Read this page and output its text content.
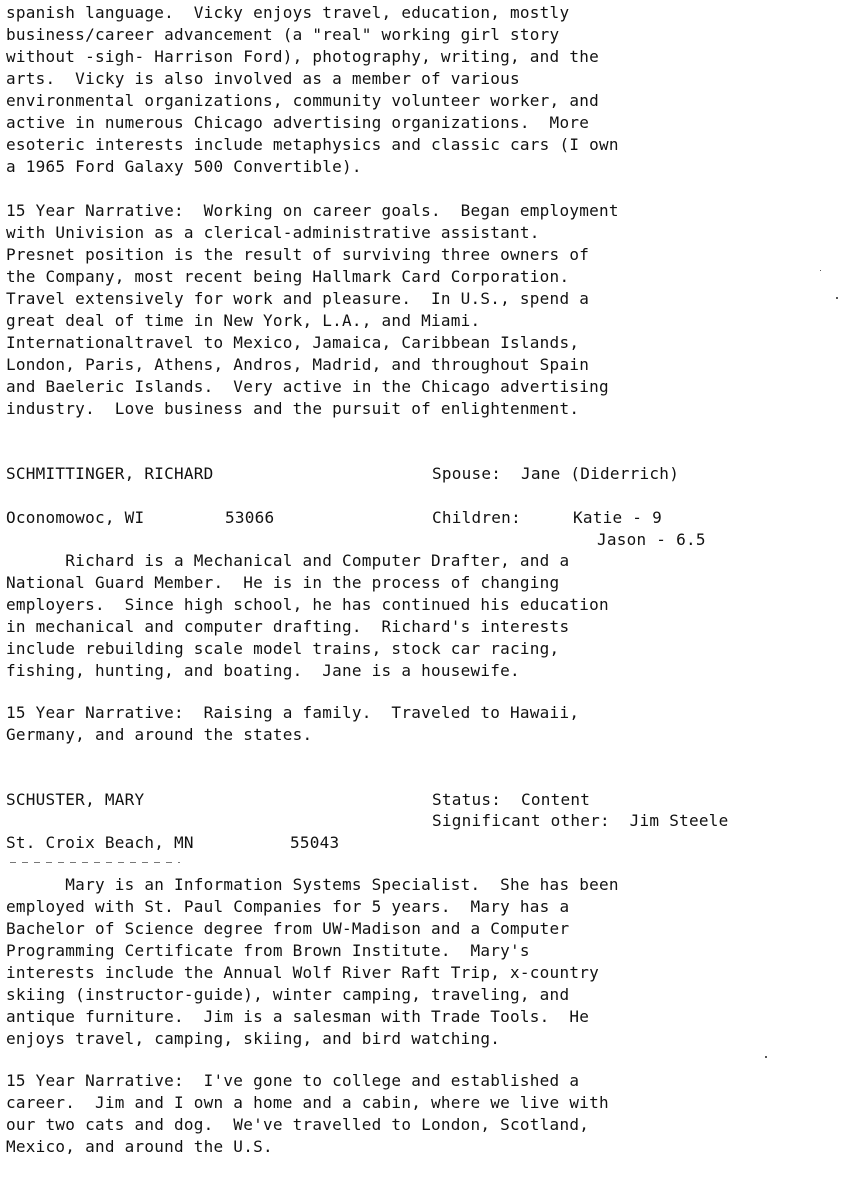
spanish language.  Vicky enjoys travel, education, mostly
business/career advancement (a "real" working girl story
without -sigh- Harrison Ford), photography, writing, and the
arts.  Vicky is also involved as a member of various
environmental organizations, community volunteer worker, and
active in numerous Chicago advertising organizations.  More
esoteric interests include metaphysics and classic cars (I own
a 1965 Ford Galaxy 500 Convertible).
15 Year Narrative:  Working on career goals.  Began employment
with Univision as a clerical-administrative assistant.
Presnet position is the result of surviving three owners of
the Company, most recent being Hallmark Card Corporation.
Travel extensively for work and pleasure.  In U.S., spend a
great deal of time in New York, L.A., and Miami.
Internationaltravel to Mexico, Jamaica, Caribbean Islands,
London, Paris, Athens, Andros, Madrid, and throughout Spain
and Baeleric Islands.  Very active in the Chicago advertising
industry.  Love business and the pursuit of enlightenment.
SCHMITTINGER, RICHARD	Spouse:  Jane (Diderrich)
Oconomowoc, WI	53066	Children:	Katie - 9
Jason - 6.5
Richard is a Mechanical and Computer Drafter, and a
National Guard Member.  He is in the process of changing
employers.  Since high school, he has continued his education
in mechanical and computer drafting.  Richard's interests
include rebuilding scale model trains, stock car racing,
fishing, hunting, and boating.  Jane is a housewife.
15 Year Narrative:  Raising a family.  Traveled to Hawaii,
Germany, and around the states.
SCHUSTER, MARY	Status:  Content
Significant other:  Jim Steele
St. Croix Beach, MN	55043
Mary is an Information Systems Specialist.  She has been
employed with St. Paul Companies for 5 years.  Mary has a
Bachelor of Science degree from UW-Madison and a Computer
Programming Certificate from Brown Institute.  Mary's
interests include the Annual Wolf River Raft Trip, x-country
skiing (instructor-guide), winter camping, traveling, and
antique furniture.  Jim is a salesman with Trade Tools.  He
enjoys travel, camping, skiing, and bird watching.
15 Year Narrative:  I've gone to college and established a
career.  Jim and I own a home and a cabin, where we live with
our two cats and dog.  We've travelled to London, Scotland,
Mexico, and around the U.S.
